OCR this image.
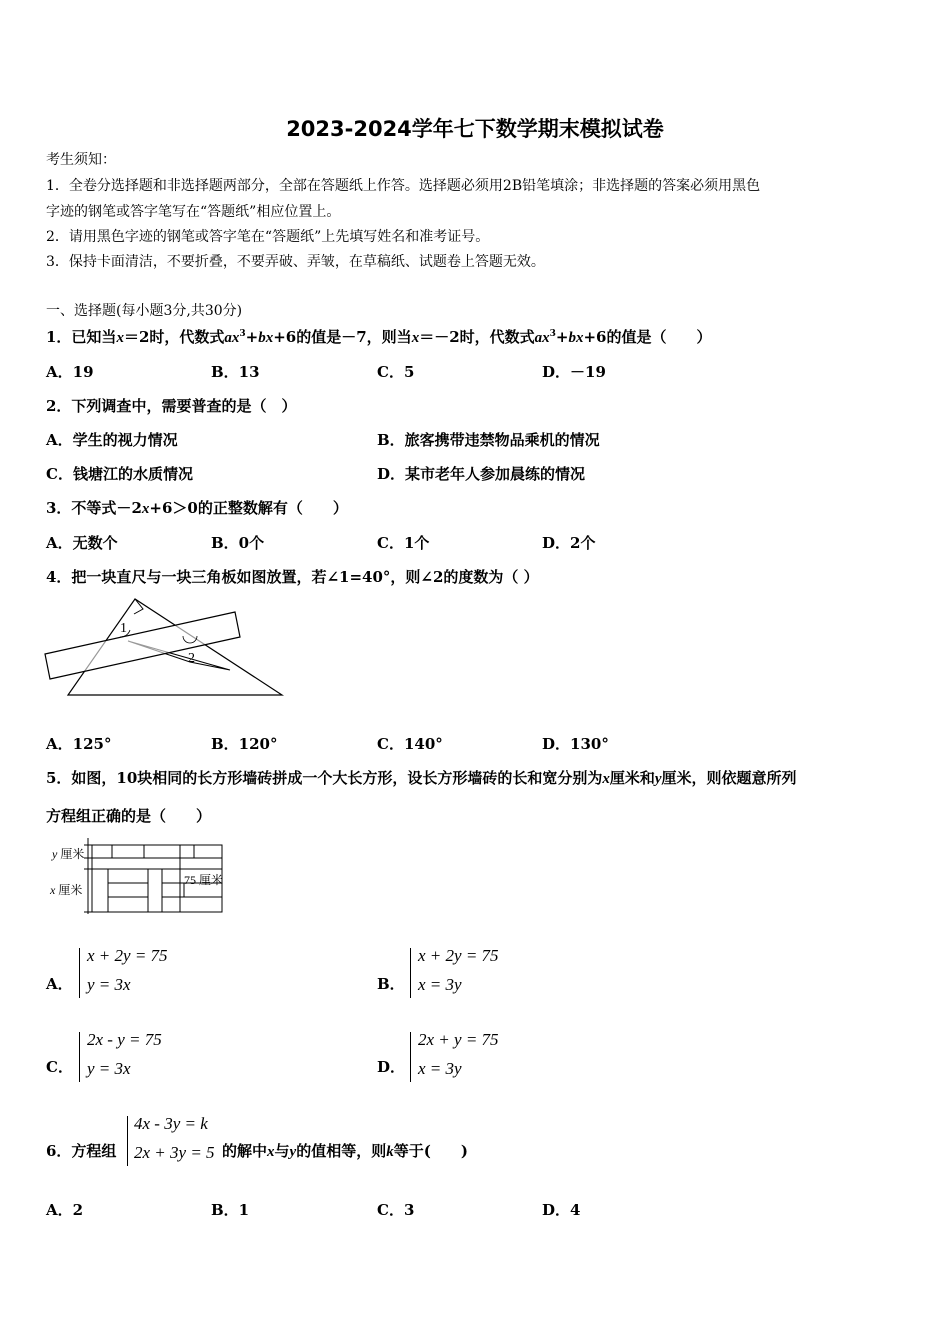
2023-2024学年七下数学期末模拟试卷
考生须知：
1．全卷分选择题和非选择题两部分，全部在答题纸上作答。选择题必须用2B铅笔填涂；非选择题的答案必须用黑色
字迹的钢笔或答字笔写在“答题纸”相应位置上。
2．请用黑色字迹的钢笔或答字笔在“答题纸”上先填写姓名和准考证号。
3．保持卡面清洁，不要折叠，不要弄破、弄皱，在草稿纸、试题卷上答题无效。
一、选择题(每小题3分,共30分)
1．已知当x＝2时，代数式$ax^3+bx+6$的值是－7，则当x＝－2时，代数式$ax^3+bx+6$的值是（　　）
A．19	B．13	C．5	D．－19
2．下列调查中，需要普查的是（　）
A．学生的视力情况	B．旅客携带违禁物品乘机的情况
C．钱塘江的水质情况	D．某市老年人参加晨练的情况
3．不等式－2x+6＞0的正整数解有（　　）
A．无数个	B．0个	C．1个	D．2个
4．把一块直尺与一块三角板如图放置，若∠1=40°，则∠2的度数为（ ）
1
2
A．125°	B．120°	C．140°	D．130°
5．如图，10块相同的长方形墙砖拼成一个大长方形，设长方形墙砖的长和宽分别为x厘米和y厘米，则依题意所列
方程组正确的是（　　）
y 厘米
x 厘米
75 厘米
A．
x + 2y = 75
y = 3x	B．
x + 2y = 75
x = 3y
C．
2x - y = 75
y = 3x	D．
2x + y = 75
x = 3y
6．方程组
4x - 3y = k
2x + 3y = 5 的解中x与y的值相等，则k等于(　　)
A．2	B．1	C．3	D．4
